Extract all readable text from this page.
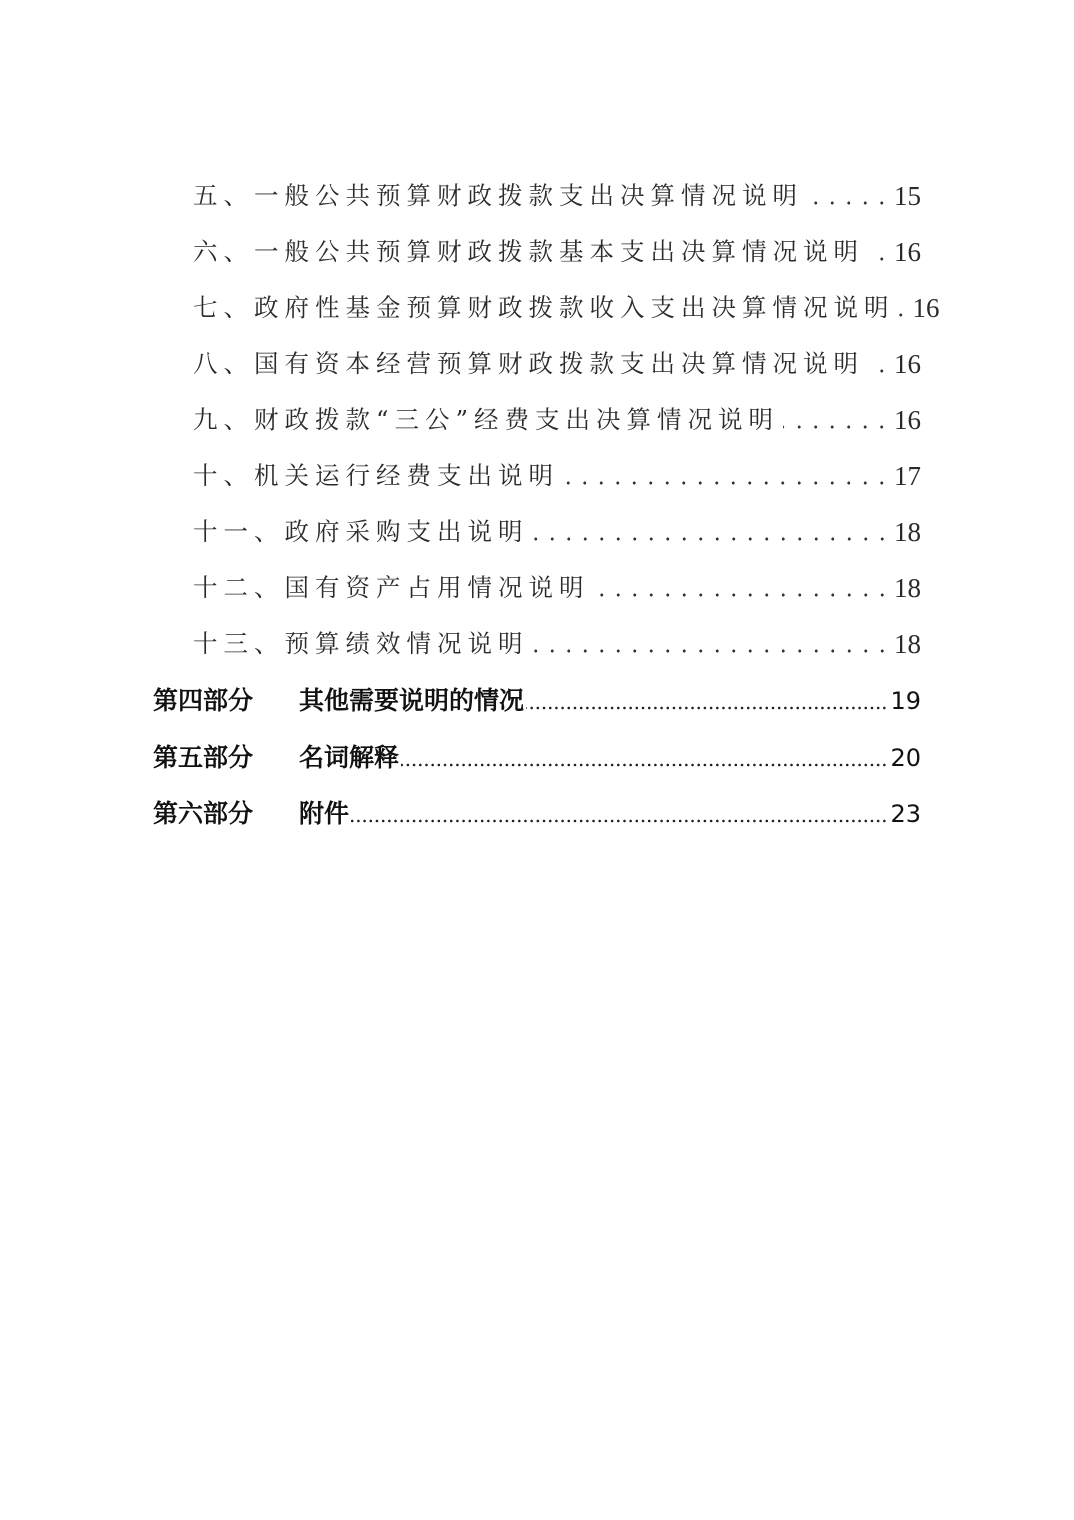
五、一般公共预算财政拨款支出决算情况说明	15
六、一般公共预算财政拨款基本支出决算情况说明 16
七、政府性基金预算财政拨款收入支出决算情况说明 16
八、国有资本经营预算财政拨款支出决算情况说明 16
九、财政拨款“三公”经费支出决算情况说明	16
十、机关运行经费支出说明	17
十一、政府采购支出说明	18
十二、国有资产占用情况说明	18
十三、预算绩效情况说明	18
第四部分 其他需要说明的情况	19
第五部分 名词解释	20
第六部分 附件	23
